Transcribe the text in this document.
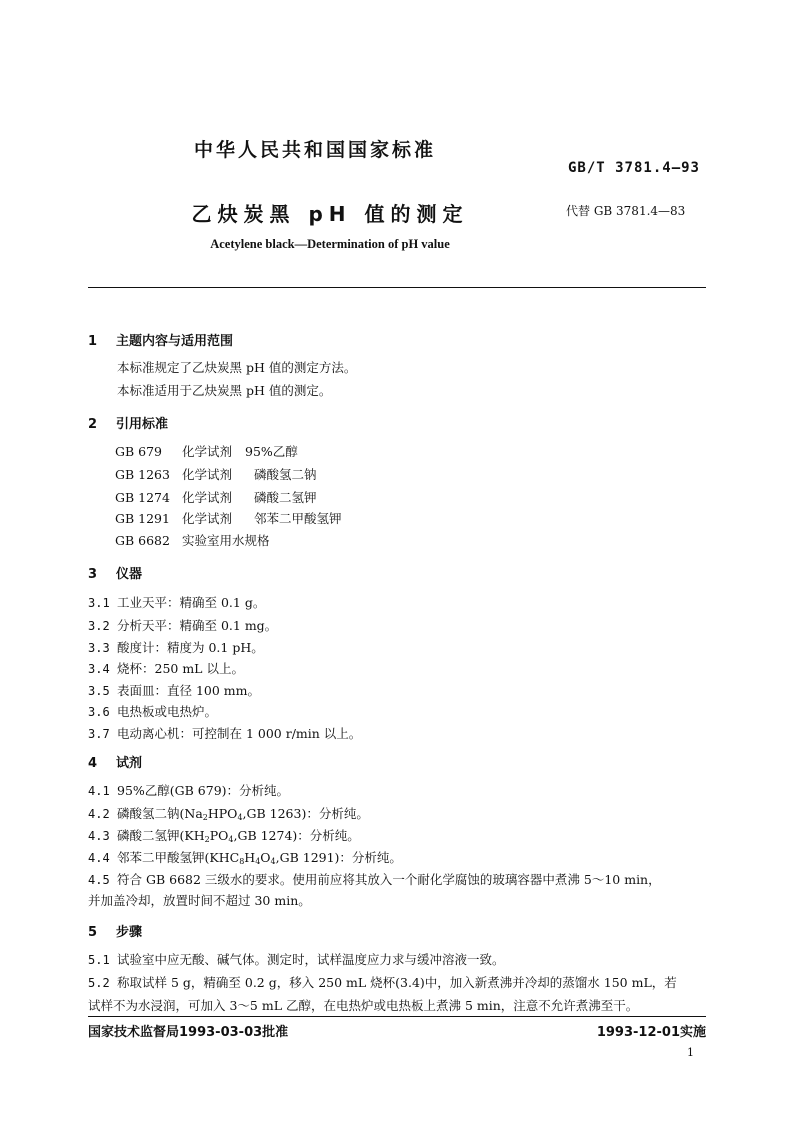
中华人民共和国国家标准
GB/T 3781.4—93
乙炔炭黑 pH 值的测定	代替 GB 3781.4—83
Acetylene black—Determination of pH value
1 主题内容与适用范围
本标准规定了乙炔炭黑 pH 值的测定方法。
本标准适用于乙炔炭黑 pH 值的测定。
2 引用标准
GB 679 化学试剂 95%乙醇
GB 1263 化学试剂 磷酸氢二钠
GB 1274 化学试剂 磷酸二氢钾
GB 1291 化学试剂 邻苯二甲酸氢钾
GB 6682 实验室用水规格
3 仪器
3.1 工业天平：精确至 0.1 g。
3.2 分析天平：精确至 0.1 mg。
3.3 酸度计：精度为 0.1 pH。
3.4 烧杯：250 mL 以上。
3.5 表面皿：直径 100 mm。
3.6 电热板或电热炉。
3.7 电动离心机：可控制在 1 000 r/min 以上。
4 试剂
4.1 95%乙醇(GB 679)：分析纯。
4.2 磷酸氢二钠($Na_2HPO_4,GB$ 1263)：分析纯。
4.3 磷酸二氢钾($KH_2PO_4,GB$ 1274)：分析纯。
4.4 邻苯二甲酸氢钾($KHC_8H_4O_4,GB$ 1291)：分析纯。
4.5 符合 GB 6682 三级水的要求。使用前应将其放入一个耐化学腐蚀的玻璃容器中煮沸 5～10 min，
并加盖冷却，放置时间不超过 30 min。
5 步骤
5.1 试验室中应无酸、碱气体。测定时，试样温度应力求与缓冲溶液一致。
5.2 称取试样 5 g，精确至 0.2 g，移入 250 mL 烧杯(3.4)中，加入新煮沸并冷却的蒸馏水 150 mL，若
试样不为水浸润，可加入 3～5 mL 乙醇，在电热炉或电热板上煮沸 5 min，注意不允许煮沸至干。
国家技术监督局1993-03-03批准	1993-12-01实施
1
